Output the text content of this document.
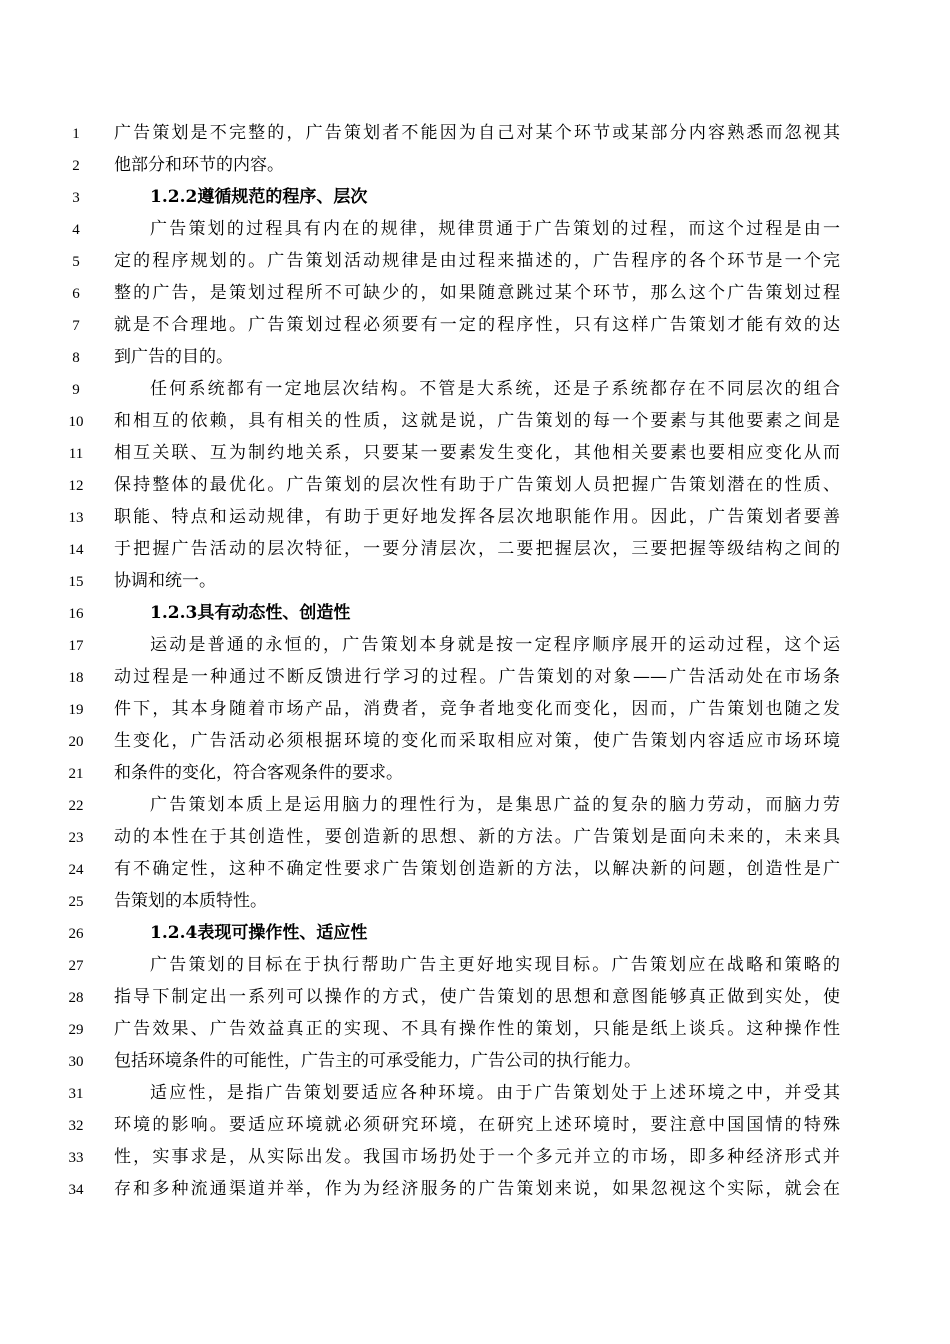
1	广告策划是不完整的，广告策划者不能因为自己对某个环节或某部分内容熟悉而忽视其
2	他部分和环节的内容。
3	1.2.2遵循规范的程序、层次
4	广告策划的过程具有内在的规律，规律贯通于广告策划的过程，而这个过程是由一
5	定的程序规划的。广告策划活动规律是由过程来描述的，广告程序的各个环节是一个完
6	整的广告，是策划过程所不可缺少的，如果随意跳过某个环节，那么这个广告策划过程
7	就是不合理地。广告策划过程必须要有一定的程序性，只有这样广告策划才能有效的达
8	到广告的目的。
9	任何系统都有一定地层次结构。不管是大系统，还是子系统都存在不同层次的组合
10	和相互的依赖，具有相关的性质，这就是说，广告策划的每一个要素与其他要素之间是
11	相互关联、互为制约地关系，只要某一要素发生变化，其他相关要素也要相应变化从而
12	保持整体的最优化。广告策划的层次性有助于广告策划人员把握广告策划潜在的性质、
13	职能、特点和运动规律，有助于更好地发挥各层次地职能作用。因此，广告策划者要善
14	于把握广告活动的层次特征，一要分清层次，二要把握层次，三要把握等级结构之间的
15	协调和统一。
16	1.2.3具有动态性、创造性
17	运动是普通的永恒的，广告策划本身就是按一定程序顺序展开的运动过程，这个运
18	动过程是一种通过不断反馈进行学习的过程。广告策划的对象——广告活动处在市场条
19	件下，其本身随着市场产品，消费者，竞争者地变化而变化，因而，广告策划也随之发
20	生变化，广告活动必须根据环境的变化而采取相应对策，使广告策划内容适应市场环境
21	和条件的变化，符合客观条件的要求。
22	广告策划本质上是运用脑力的理性行为，是集思广益的复杂的脑力劳动，而脑力劳
23	动的本性在于其创造性，要创造新的思想、新的方法。广告策划是面向未来的，未来具
24	有不确定性，这种不确定性要求广告策划创造新的方法，以解决新的问题，创造性是广
25	告策划的本质特性。
26	1.2.4表现可操作性、适应性
27	广告策划的目标在于执行帮助广告主更好地实现目标。广告策划应在战略和策略的
28	指导下制定出一系列可以操作的方式，使广告策划的思想和意图能够真正做到实处，使
29	广告效果、广告效益真正的实现、不具有操作性的策划，只能是纸上谈兵。这种操作性
30	包括环境条件的可能性，广告主的可承受能力，广告公司的执行能力。
31	适应性，是指广告策划要适应各种环境。由于广告策划处于上述环境之中，并受其
32	环境的影响。要适应环境就必须研究环境，在研究上述环境时，要注意中国国情的特殊
33	性，实事求是，从实际出发。我国市场扔处于一个多元并立的市场，即多种经济形式并
34	存和多种流通渠道并举，作为为经济服务的广告策划来说，如果忽视这个实际，就会在
